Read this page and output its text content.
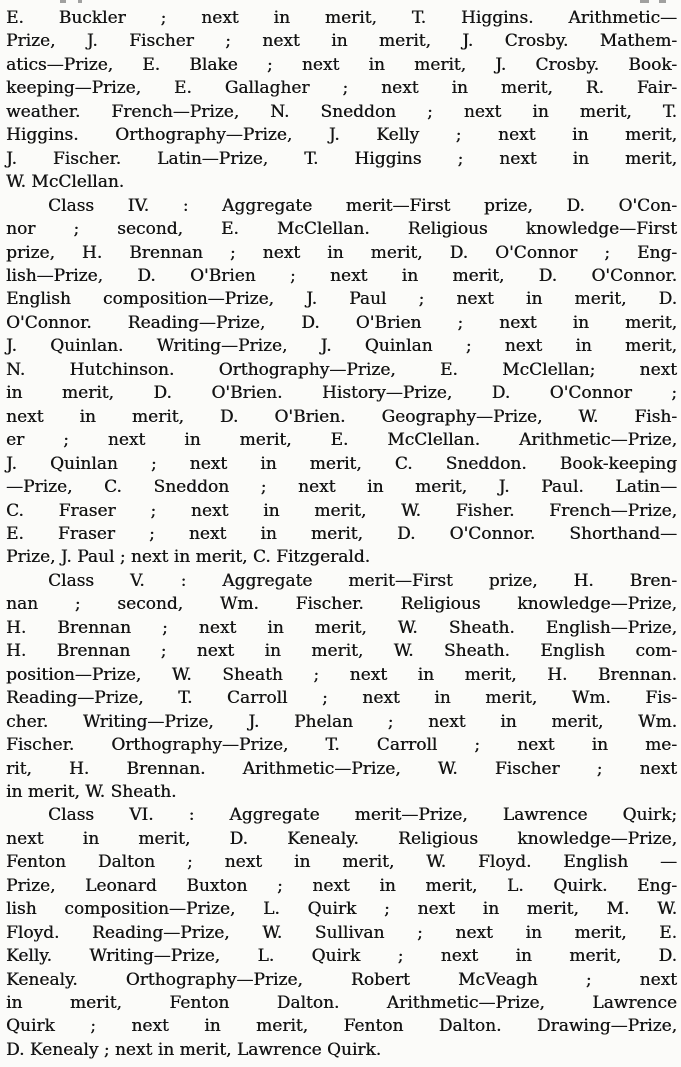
E. Buckler ; next in merit, T. Higgins. Arithmetic—
Prize, J. Fischer ; next in merit, J. Crosby. Mathem-
atics—Prize, E. Blake ; next in merit, J. Crosby. Book-
keeping—Prize, E. Gallagher ; next in merit, R. Fair-
weather. French—Prize, N. Sneddon ; next in merit, T.
Higgins. Orthography—Prize, J. Kelly ; next in merit,
J. Fischer. Latin—Prize, T. Higgins ; next in merit,
W. McClellan.
Class IV. : Aggregate merit—First prize, D. O'Con-
nor ; second, E. McClellan. Religious knowledge—First
prize, H. Brennan ; next in merit, D. O'Connor ; Eng-
lish—Prize, D. O'Brien ; next in merit, D. O'Connor.
English composition—Prize, J. Paul ; next in merit, D.
O'Connor. Reading—Prize, D. O'Brien ; next in merit,
J. Quinlan. Writing—Prize, J. Quinlan ; next in merit,
N. Hutchinson. Orthography—Prize, E. McClellan; next
in merit, D. O'Brien. History—Prize, D. O'Connor ;
next in merit, D. O'Brien. Geography—Prize, W. Fish-
er ; next in merit, E. McClellan. Arithmetic—Prize,
J. Quinlan ; next in merit, C. Sneddon. Book-keeping
—Prize, C. Sneddon ; next in merit, J. Paul. Latin—
C. Fraser ; next in merit, W. Fisher. French—Prize,
E. Fraser ; next in merit, D. O'Connor. Shorthand—
Prize, J. Paul ; next in merit, C. Fitzgerald.
Class V. : Aggregate merit—First prize, H. Bren-
nan ; second, Wm. Fischer. Religious knowledge—Prize,
H. Brennan ; next in merit, W. Sheath. English—Prize,
H. Brennan ; next in merit, W. Sheath. English com-
position—Prize, W. Sheath ; next in merit, H. Brennan.
Reading—Prize, T. Carroll ; next in merit, Wm. Fis-
cher. Writing—Prize, J. Phelan ; next in merit, Wm.
Fischer. Orthography—Prize, T. Carroll ; next in me-
rit, H. Brennan. Arithmetic—Prize, W. Fischer ; next
in merit, W. Sheath.
Class VI. : Aggregate merit—Prize, Lawrence Quirk;
next in merit, D. Kenealy. Religious knowledge—Prize,
Fenton Dalton ; next in merit, W. Floyd. English —
Prize, Leonard Buxton ; next in merit, L. Quirk. Eng-
lish composition—Prize, L. Quirk ; next in merit, M. W.
Floyd. Reading—Prize, W. Sullivan ; next in merit, E.
Kelly. Writing—Prize, L. Quirk ; next in merit, D.
Kenealy. Orthography—Prize, Robert McVeagh ; next
in merit, Fenton Dalton. Arithmetic—Prize, Lawrence
Quirk ; next in merit, Fenton Dalton. Drawing—Prize,
D. Kenealy ; next in merit, Lawrence Quirk.
